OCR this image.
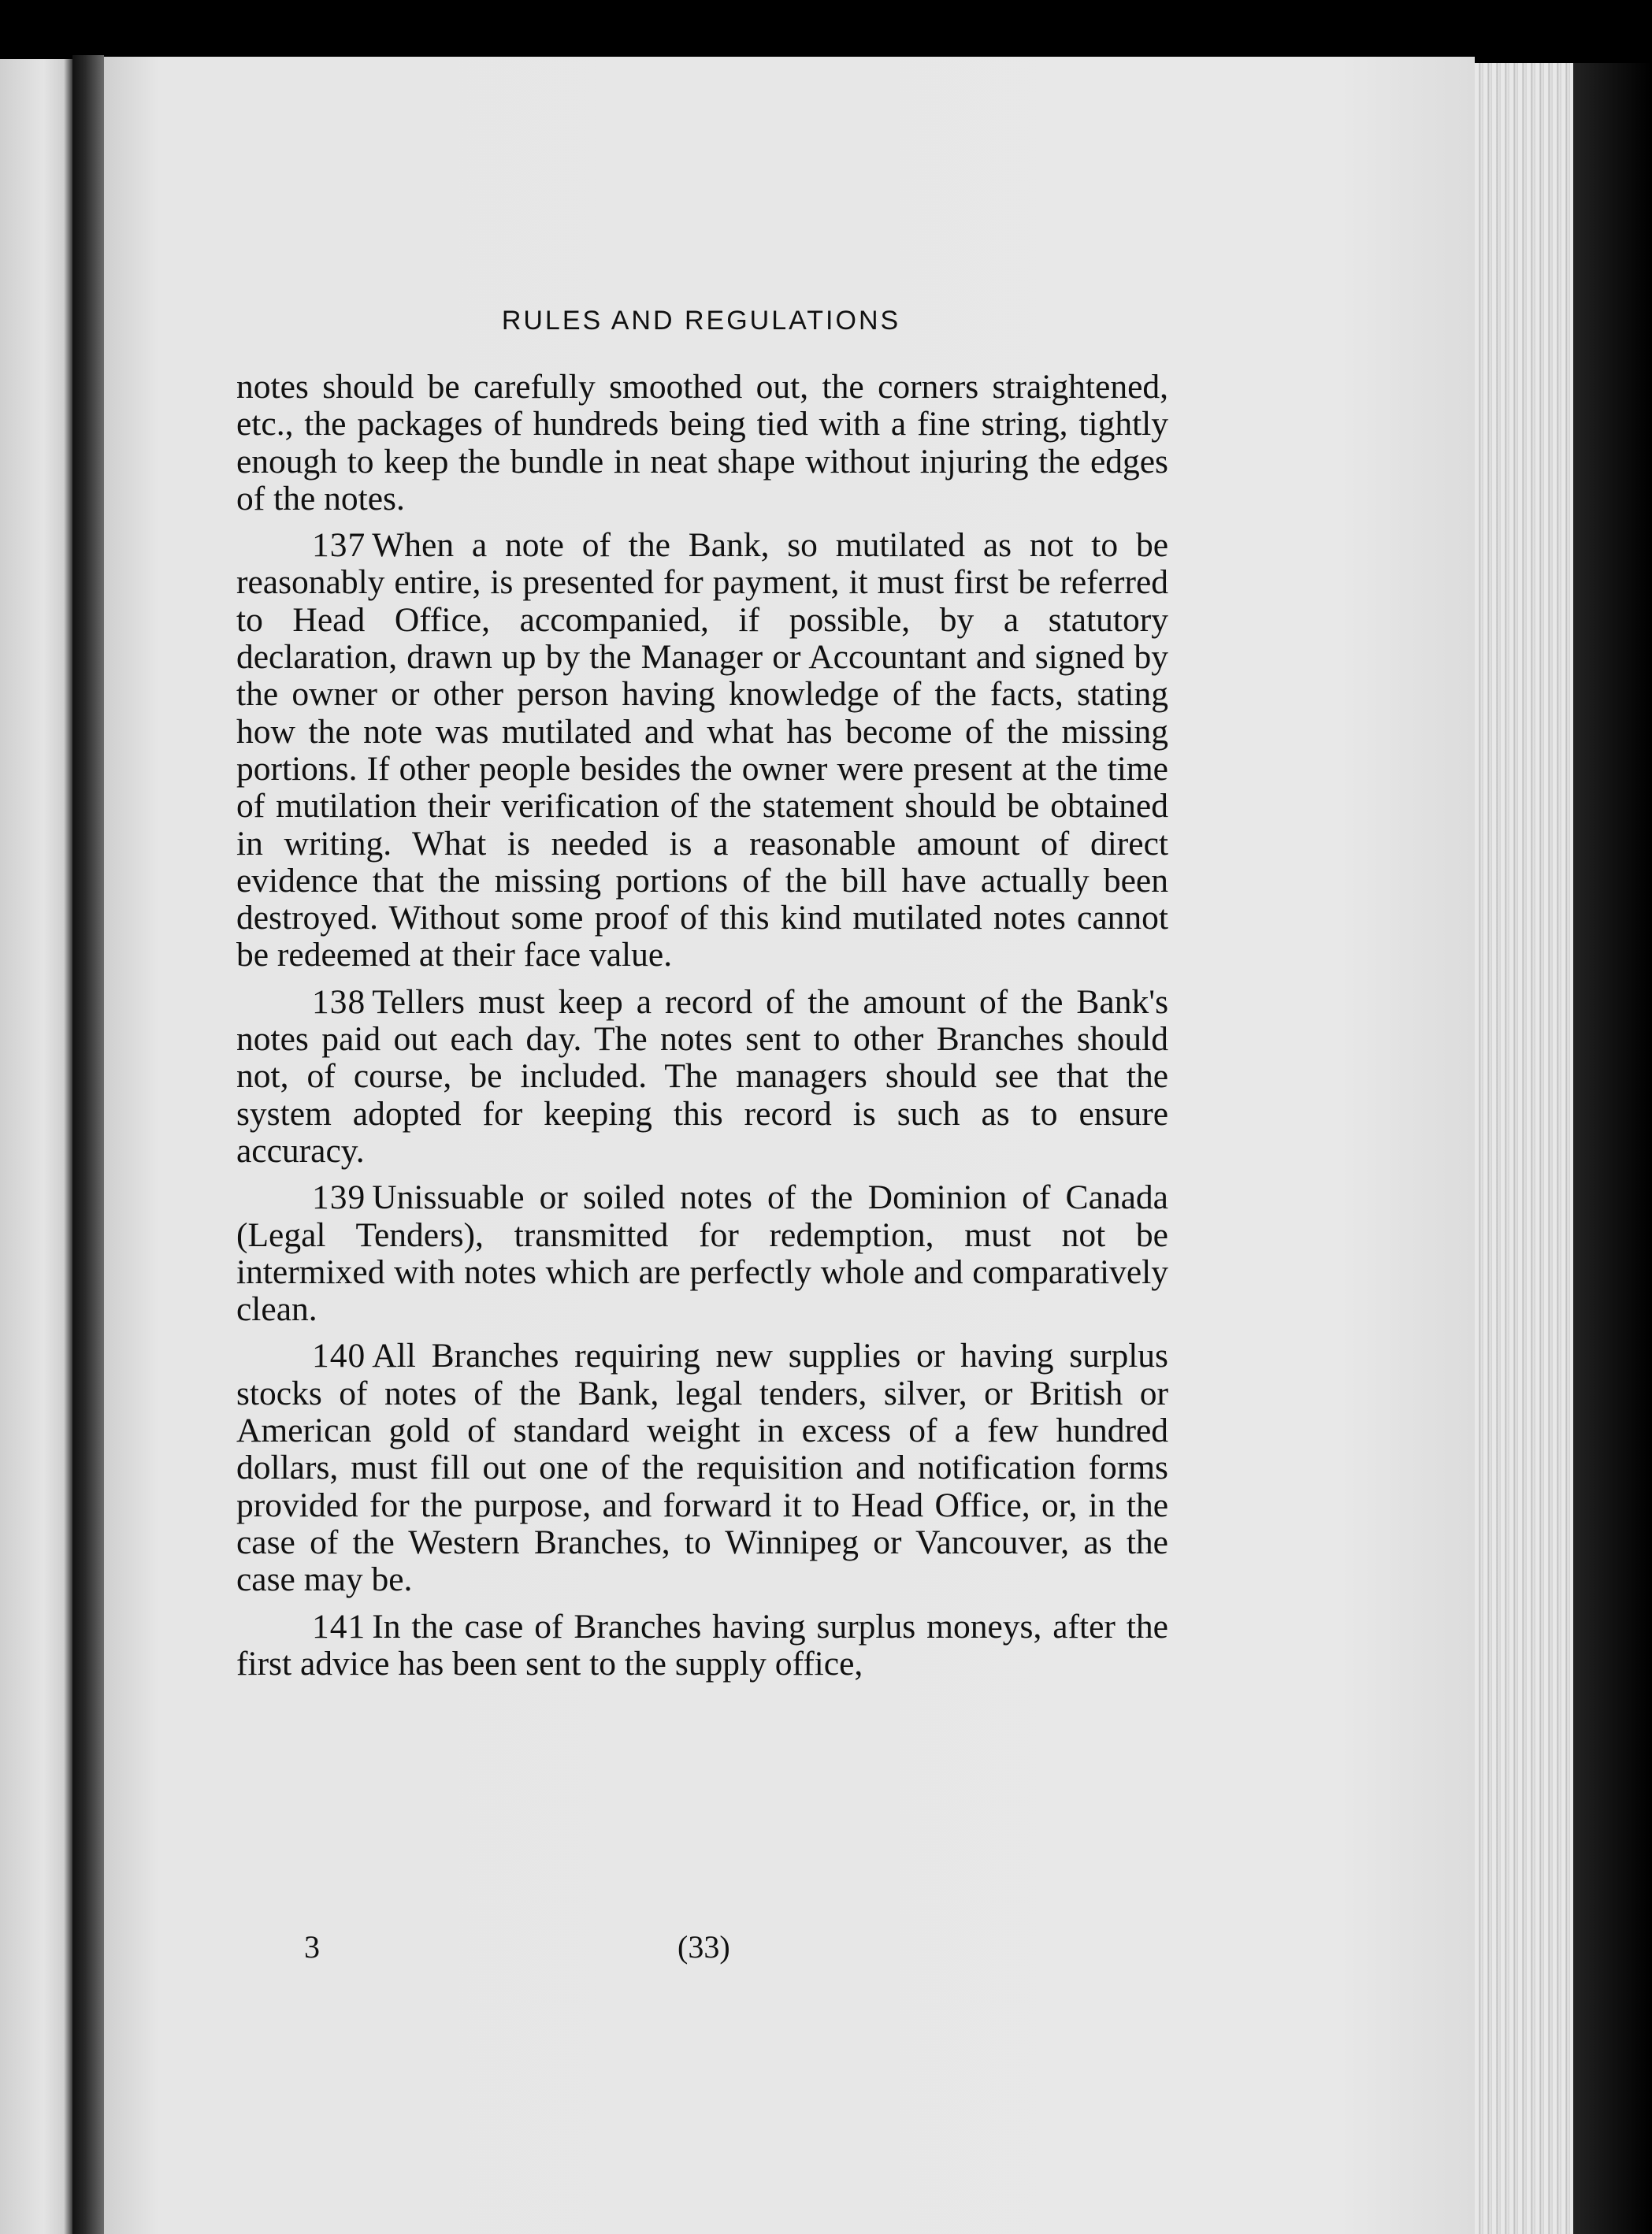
RULES AND REGULATIONS

notes should be carefully smoothed out, the corners straightened, etc., the packages of hundreds being tied with a fine string, tightly enough to keep the bundle in neat shape without injuring the edges of the notes.

137 When a note of the Bank, so mutilated as not to be reasonably entire, is presented for payment, it must first be referred to Head Office, accompanied, if possible, by a statutory declaration, drawn up by the Manager or Accountant and signed by the owner or other person having knowledge of the facts, stating how the note was mutilated and what has become of the missing portions. If other people besides the owner were present at the time of mutilation their verification of the statement should be obtained in writing. What is needed is a reasonable amount of direct evidence that the missing portions of the bill have actually been destroyed. Without some proof of this kind mutilated notes cannot be redeemed at their face value.

138 Tellers must keep a record of the amount of the Bank's notes paid out each day. The notes sent to other Branches should not, of course, be included. The managers should see that the system adopted for keeping this record is such as to ensure accuracy.

139 Unissuable or soiled notes of the Dominion of Canada (Legal Tenders), transmitted for redemption, must not be intermixed with notes which are perfectly whole and comparatively clean.

140 All Branches requiring new supplies or having surplus stocks of notes of the Bank, legal tenders, silver, or British or American gold of standard weight in excess of a few hundred dollars, must fill out one of the requisition and notification forms provided for the purpose, and forward it to Head Office, or, in the case of the Western Branches, to Winnipeg or Vancouver, as the case may be.

141 In the case of Branches having surplus moneys, after the first advice has been sent to the supply office,

3	(33)
